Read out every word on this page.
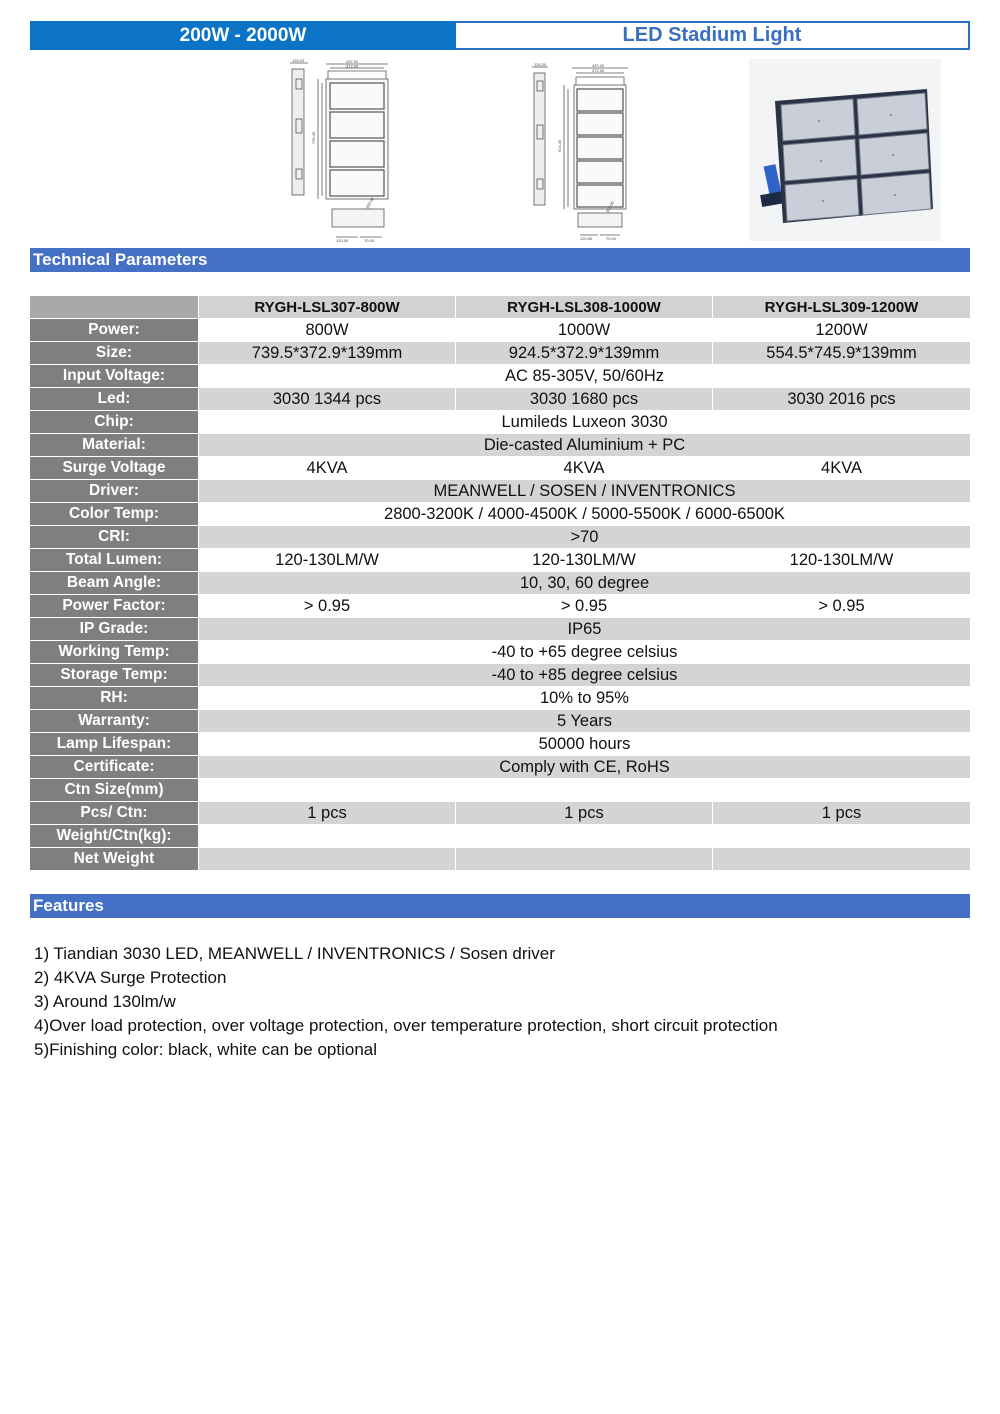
200W - 2000W	LED Stadium Light
139.20	437.00
372.90
739.45
120.00	70.00
262.00
139.20	437.00
372.90
924.45
120.00	70.00
262.00
Technical Parameters
	RYGH-LSL307-800W	RYGH-LSL308-1000W	RYGH-LSL309-1200W
Power:	800W	1000W	1200W
Size:	739.5*372.9*139mm	924.5*372.9*139mm	554.5*745.9*139mm
Input Voltage:	AC 85-305V, 50/60Hz		
Led:	3030 1344 pcs	3030 1680 pcs	3030 2016 pcs
Chip:	Lumileds Luxeon 3030		
Material:	Die-casted Aluminium + PC		
Surge Voltage	4KVA	4KVA	4KVA
Driver:	MEANWELL / SOSEN / INVENTRONICS		
Color Temp:	2800-3200K / 4000-4500K / 5000-5500K / 6000-6500K		
CRI:	>70		
Total Lumen:	120-130LM/W	120-130LM/W	120-130LM/W
Beam Angle:	10, 30, 60 degree		
Power Factor:	> 0.95	> 0.95	> 0.95
IP Grade:	IP65		
Working Temp:	-40 to +65 degree celsius		
Storage Temp:	-40 to +85 degree celsius		
RH:	10% to 95%		
Warranty:	5 Years		
Lamp Lifespan:	50000 hours		
Certificate:	Comply with CE, RoHS		
Ctn Size(mm)			
Pcs/ Ctn:	1 pcs	1 pcs	1 pcs
Weight/Ctn(kg):			
Net Weight			
Features
1) Tiandian 3030 LED, MEANWELL / INVENTRONICS / Sosen driver
2) 4KVA Surge Protection
3) Around 130lm/w
4)Over load protection, over voltage protection, over temperature protection, short circuit protection
5)Finishing color: black, white can be optional
